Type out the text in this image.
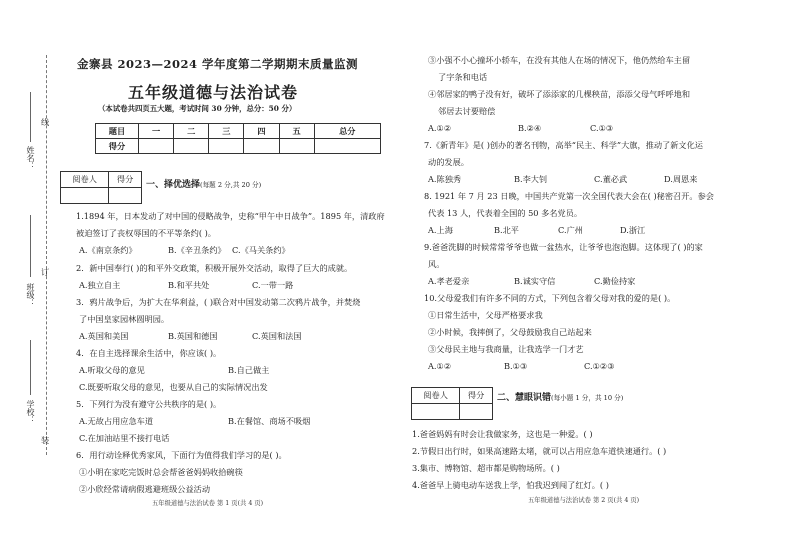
线
订
装
姓名：
班级：
学校：
金寨县 2023—2024 学年度第二学期期末质量监测
五年级道德与法治试卷
（本试卷共四页五大题，考试时间 30 分钟，总分：50 分）
题目	一	二	三	四	五	总分
得分						
阅卷人	得分

一、择优选择(每题 2 分,共 20 分)
1.1894 年，日本发动了对中国的侵略战争，史称“甲午中日战争”。1895 年，清政府
被迫签订了丧权辱国的不平等条约( )。
A.《南京条约》	B.《辛丑条约》 C.《马关条约》
2．新中国奉行( )的和平外交政策，积极开展外交活动，取得了巨大的成就。
A.独立自主	B.和平共处	C.一带一路
3．鸦片战争后，为扩大在华利益，( )联合对中国发动第二次鸦片战争，并焚烧
了中国皇家园林圆明园。
A.英国和美国	B.英国和德国	C.英国和法国
4．在自主选择课余生活中，你应该( )。
A.听取父母的意见	B.自己做主
C.既要听取父母的意见，也要从自己的实际情况出发
5．下列行为没有遵守公共秩序的是( )。
A.无故占用应急车道	B.在餐馆、商场不吸烟
C.在加油站里不接打电话
6．用行动诠释优秀家风，下面行为值得我们学习的是( )。
①小明在家吃完饭时总会帮爸爸妈妈收拾碗筷
②小欣经常请病假逃避班级公益活动
五年级道德与法治试卷 第 1 页(共 4 页)
③小强不小心撞坏小轿车，在没有其他人在场的情况下，他仍然给车主留
了字条和电话
④邻居家的鸭子没有好，破坏了添添家的几棵秧苗，添添父母气呼呼地和
邻居去讨要赔偿
A.①②	B.②④	C.①③
7.《新青年》是( )创办的著名刊物，高举“民主、科学”大旗，推动了新文化运
动的发展。
A.陈独秀	B.李大钊	C.董必武	D.周恩来
8. 1921 年 7 月 23 日晚，中国共产党第一次全国代表大会在( )秘密召开。参会
代表 13 人，代表着全国的 50 多名党员。
A.上海	B.北平	C.广州	D.浙江
9.爸爸洗脚的时候常常爷爷也做一盆热水，让爷爷也泡泡脚。这体现了( )的家
风。
A.孝老爱亲	B.诚实守信	C.勤俭持家
10.父母爱我们有许多不同的方式，下列包含着父母对我的爱的是( )。
①日常生活中，父母严格要求我
②小时候，我摔倒了，父母鼓励我自己站起来
③父母民主地与我商量，让我选学一门才艺
A.①②	B.①③	C.①②③
阅卷人	得分
	二、慧眼识错(每小题 1 分，共 10 分)
1.爸爸妈妈有时会让我做家务，这也是一种爱。( )
2.节假日出行时，如果高速路太堵，就可以占用应急车道快速通行。( )
3.集市、博物馆、超市都是购物场所。( )
4.爸爸早上骑电动车送我上学，怕我迟到闯了红灯。( )
五年级道德与法治试卷 第 2 页(共 4 页)
